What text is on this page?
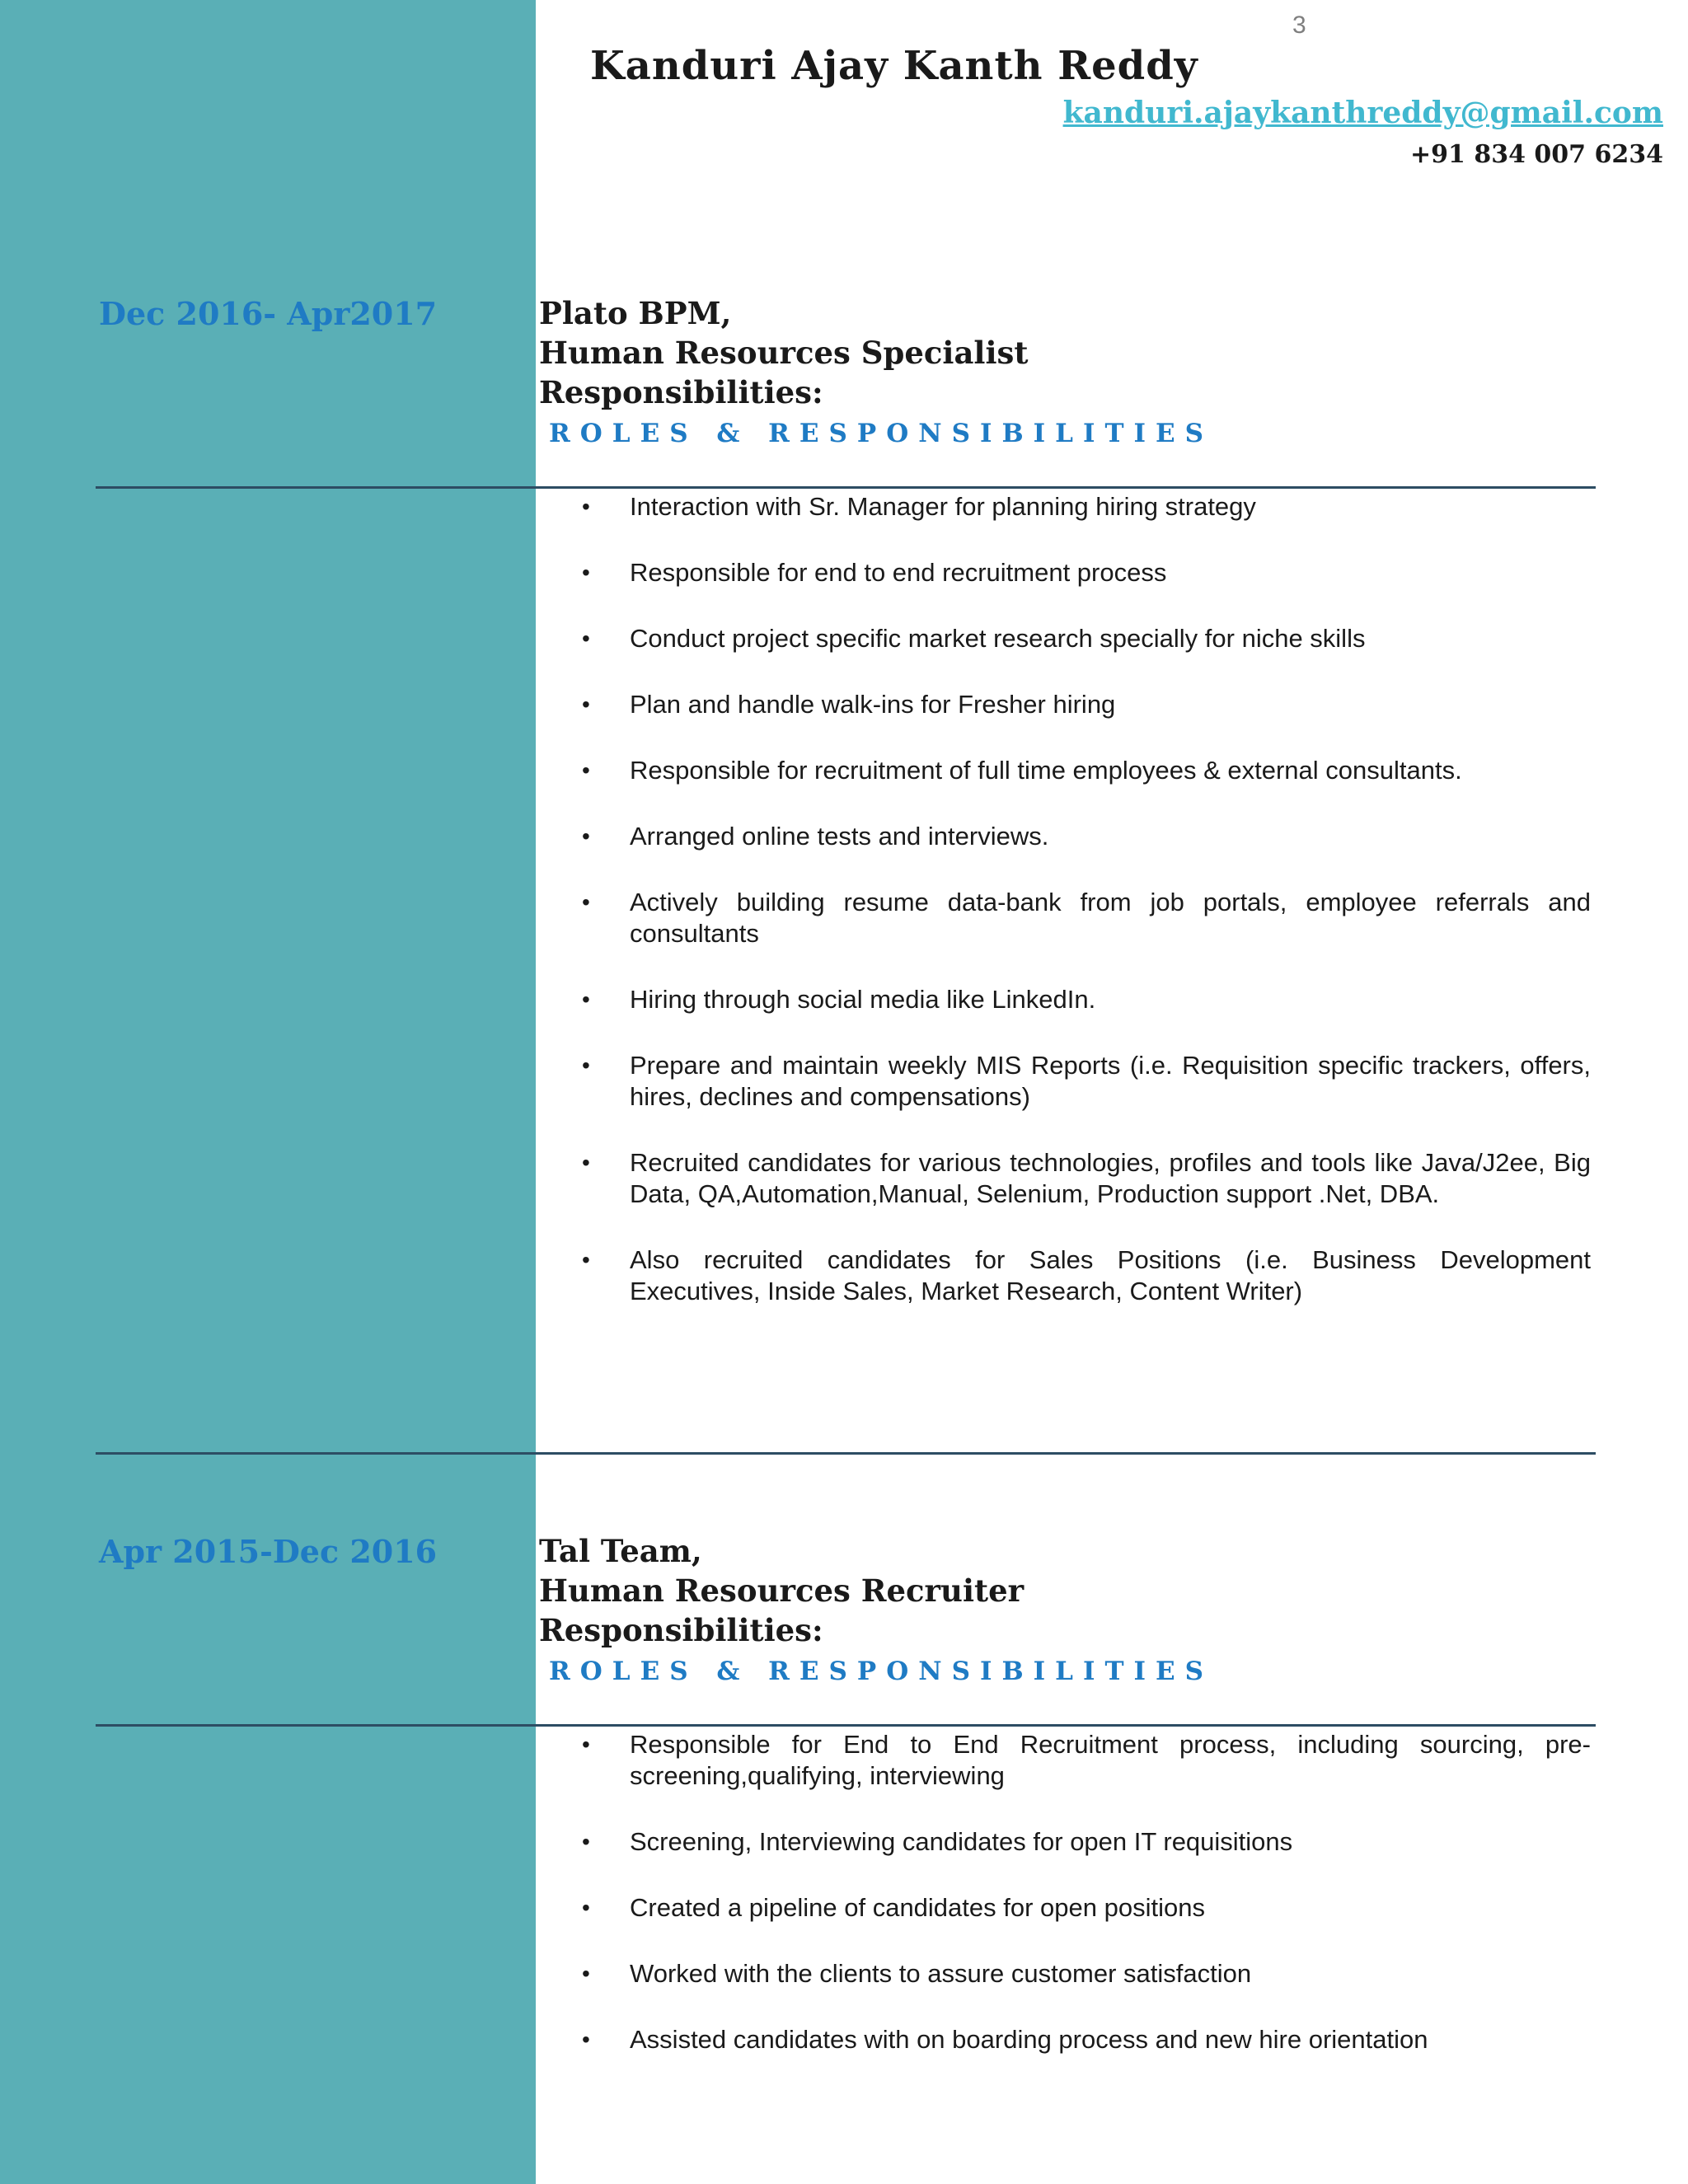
3
Kanduri Ajay Kanth Reddy
kanduri.ajaykanthreddy@gmail.com
+91 834 007 6234
Dec 2016- Apr2017	Plato BPM,
Human Resources Specialist
Responsibilities:
ROLES & RESPONSIBILITIES
• Interaction with Sr. Manager for planning hiring strategy
• Responsible for end to end recruitment process
• Conduct project specific market research specially for niche skills
• Plan and handle walk-ins for Fresher hiring
• Responsible for recruitment of full time employees & external consultants.
• Arranged online tests and interviews.
• Actively building resume data-bank from job portals, employee referrals and consultants
• Hiring through social media like LinkedIn.
• Prepare and maintain weekly MIS Reports (i.e. Requisition specific trackers, offers, hires, declines and compensations)
• Recruited candidates for various technologies, profiles and tools like Java/J2ee, Big Data, QA,Automation,Manual, Selenium, Production support .Net, DBA.
• Also recruited candidates for Sales Positions (i.e. Business Development Executives, Inside Sales, Market Research, Content Writer)
Apr 2015-Dec 2016	Tal Team,
Human Resources Recruiter
Responsibilities:
ROLES & RESPONSIBILITIES
• Responsible for End to End Recruitment process, including sourcing, pre-screening,qualifying, interviewing
• Screening, Interviewing candidates for open IT requisitions
• Created a pipeline of candidates for open positions
• Worked with the clients to assure customer satisfaction
• Assisted candidates with on boarding process and new hire orientation
